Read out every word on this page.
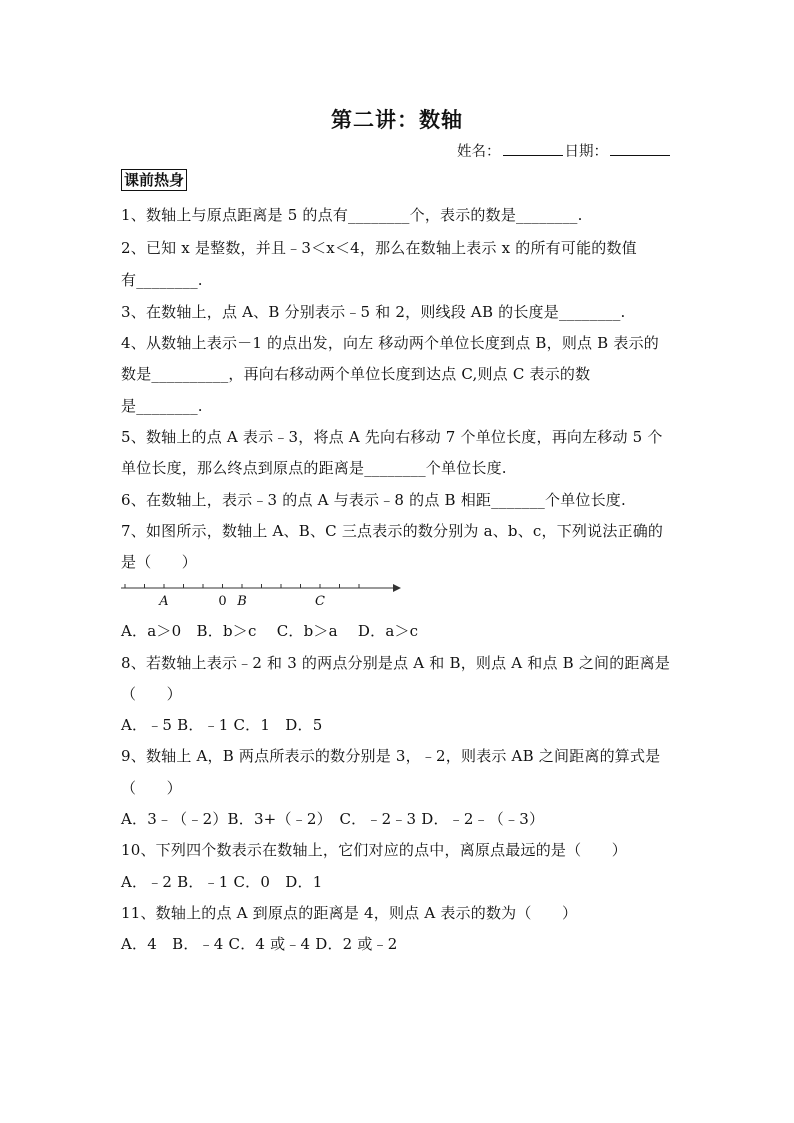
第二讲：数轴
姓名：	日期：
课前热身
1、数轴上与原点距离是 5 的点有________个，表示的数是________.
2、已知 x 是整数，并且﹣3＜x＜4，那么在数轴上表示 x 的所有可能的数值
有________.
3、在数轴上，点 A、B 分别表示﹣5 和 2，则线段 AB 的长度是________.
4、从数轴上表示－1 的点出发，向左 移动两个单位长度到点 B，则点 B 表示的
数是__________，再向右移动两个单位长度到达点 C,则点 C 表示的数
是________.
5、数轴上的点 A 表示﹣3，将点 A 先向右移动 7 个单位长度，再向左移动 5 个
单位长度，那么终点到原点的距离是________个单位长度.
6、在数轴上，表示﹣3 的点 A 与表示﹣8 的点 B 相距_______个单位长度.
7、如图所示，数轴上 A、B、C 三点表示的数分别为 a、b、c，下列说法正确的
是（　　）
A	0 B	C
A．a＞0　B．b＞c　 C．b＞a　 D．a＞c
8、若数轴上表示﹣2 和 3 的两点分别是点 A 和 B，则点 A 和点 B 之间的距离是
（　　）
A．﹣5 B．﹣1 C．1　D．5
9、数轴上 A，B 两点所表示的数分别是 3，﹣2，则表示 AB 之间距离的算式是
（　　）
A．3﹣（﹣2）B．3+（﹣2）　C．﹣2﹣3 D．﹣2﹣（﹣3）
10、下列四个数表示在数轴上，它们对应的点中，离原点最远的是（　　）
A．﹣2 B．﹣1 C．0　D．1
11、数轴上的点 A 到原点的距离是 4，则点 A 表示的数为（　　）
A．4　B．﹣4 C．4 或﹣4 D．2 或﹣2
